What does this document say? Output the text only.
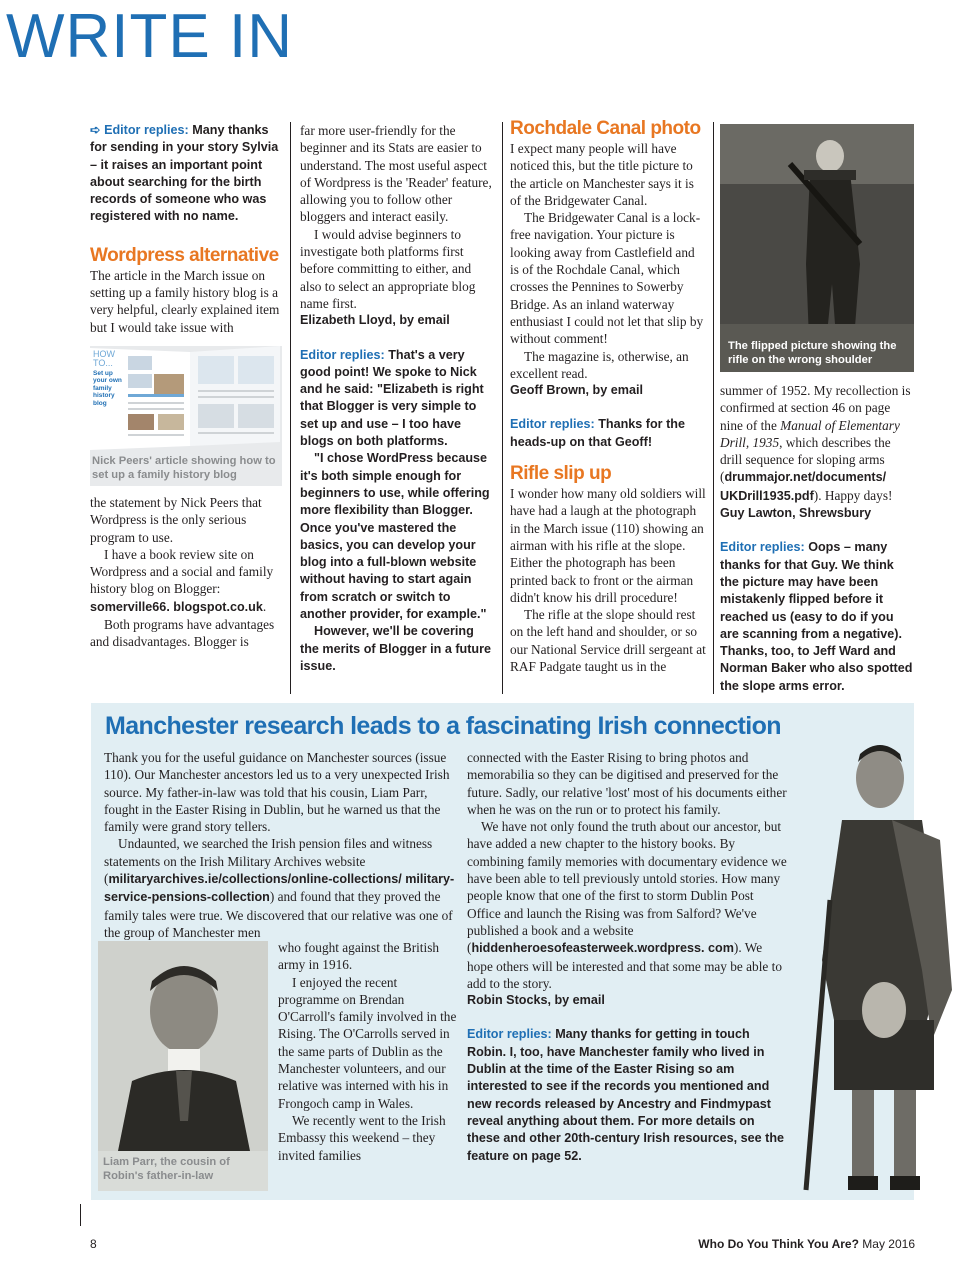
WRITE IN

➪ Editor replies: Many thanks for sending in your story Sylvia – it raises an important point about searching for the birth records of someone who was registered with no name.

Wordpress alternative

The article in the March issue on setting up a family history blog is a very helpful, clearly explained item but I would take issue with

HOW TO...
Set up your own family history blog
Nick Peers' article showing how to set up a family history blog

the statement by Nick Peers that Wordpress is the only serious program to use.

I have a book review site on Wordpress and a social and family history blog on Blogger: somerville66. blogspot.co.uk.

Both programs have advantages and disadvantages. Blogger is

far more user-friendly for the beginner and its Stats are easier to understand. The most useful aspect of Wordpress is the 'Reader' feature, allowing you to follow other bloggers and interact easily.

I would advise beginners to investigate both platforms first before committing to either, and also to select an appropriate blog name first.

Elizabeth Lloyd, by email

Editor replies: That's a very good point! We spoke to Nick and he said: "Elizabeth is right that Blogger is very simple to set up and use – I too have blogs on both platforms.

"I chose WordPress because it's both simple enough for beginners to use, while offering more flexibility than Blogger. Once you've mastered the basics, you can develop your blog into a full-blown website without having to start again from scratch or switch to another provider, for example."

However, we'll be covering the merits of Blogger in a future issue.

Rochdale Canal photo

I expect many people will have noticed this, but the title picture to the article on Manchester says it is of the Bridgewater Canal.

The Bridgewater Canal is a lock-free navigation. Your picture is looking away from Castlefield and is of the Rochdale Canal, which crosses the Pennines to Sowerby Bridge. As an inland waterway enthusiast I could not let that slip by without comment!

The magazine is, otherwise, an excellent read.

Geoff Brown, by email

Editor replies: Thanks for the heads-up on that Geoff!

Rifle slip up

I wonder how many old soldiers will have had a laugh at the photograph in the March issue (110) showing an airman with his rifle at the slope. Either the photograph has been printed back to front or the airman didn't know his drill procedure!

The rifle at the slope should rest on the left hand and shoulder, or so our National Service drill sergeant at RAF Padgate taught us in the

The flipped picture showing the rifle on the wrong shoulder

summer of 1952. My recollection is confirmed at section 46 on page nine of the Manual of Elementary Drill, 1935, which describes the drill sequence for sloping arms (drummajor.net/documents/ UKDrill1935.pdf). Happy days!

Guy Lawton, Shrewsbury

Editor replies: Oops – many thanks for that Guy. We think the picture may have been mistakenly flipped before it reached us (easy to do if you are scanning from a negative). Thanks, too, to Jeff Ward and Norman Baker who also spotted the slope arms error.

Manchester research leads to a fascinating Irish connection

Thank you for the useful guidance on Manchester sources (issue 110). Our Manchester ancestors led us to a very unexpected Irish source. My father-in-law was told that his cousin, Liam Parr, fought in the Easter Rising in Dublin, but he warned us that the family were grand story tellers.

Undaunted, we searched the Irish pension files and witness statements on the Irish Military Archives website (militaryarchives.ie/collections/online-collections/ military-service-pensions-collection) and found that they proved the family tales were true. We discovered that our relative was one of the group of Manchester men

Liam Parr, the cousin of Robin's father-in-law

who fought against the British army in 1916.

I enjoyed the recent programme on Brendan O'Carroll's family involved in the Rising. The O'Carrolls served in the same parts of Dublin as the Manchester volunteers, and our relative was interned with his in Frongoch camp in Wales.

We recently went to the Irish Embassy this weekend – they invited families

connected with the Easter Rising to bring photos and memorabilia so they can be digitised and preserved for the future. Sadly, our relative 'lost' most of his documents either when he was on the run or to protect his family.

We have not only found the truth about our ancestor, but have added a new chapter to the history books. By combining family memories with documentary evidence we have been able to tell previously untold stories. How many people know that one of the first to storm Dublin Post Office and launch the Rising was from Salford? We've published a book and a website (hiddenheroesofeasterweek.wordpress. com). We hope others will be interested and that some may be able to add to the story.

Robin Stocks, by email

Editor replies: Many thanks for getting in touch Robin. I, too, have Manchester family who lived in Dublin at the time of the Easter Rising so am interested to see if the records you mentioned and new records released by Ancestry and Findmypast reveal anything about them. For more details on these and other 20th-century Irish resources, see the feature on page 52.

8	Who Do You Think You Are? May 2016
